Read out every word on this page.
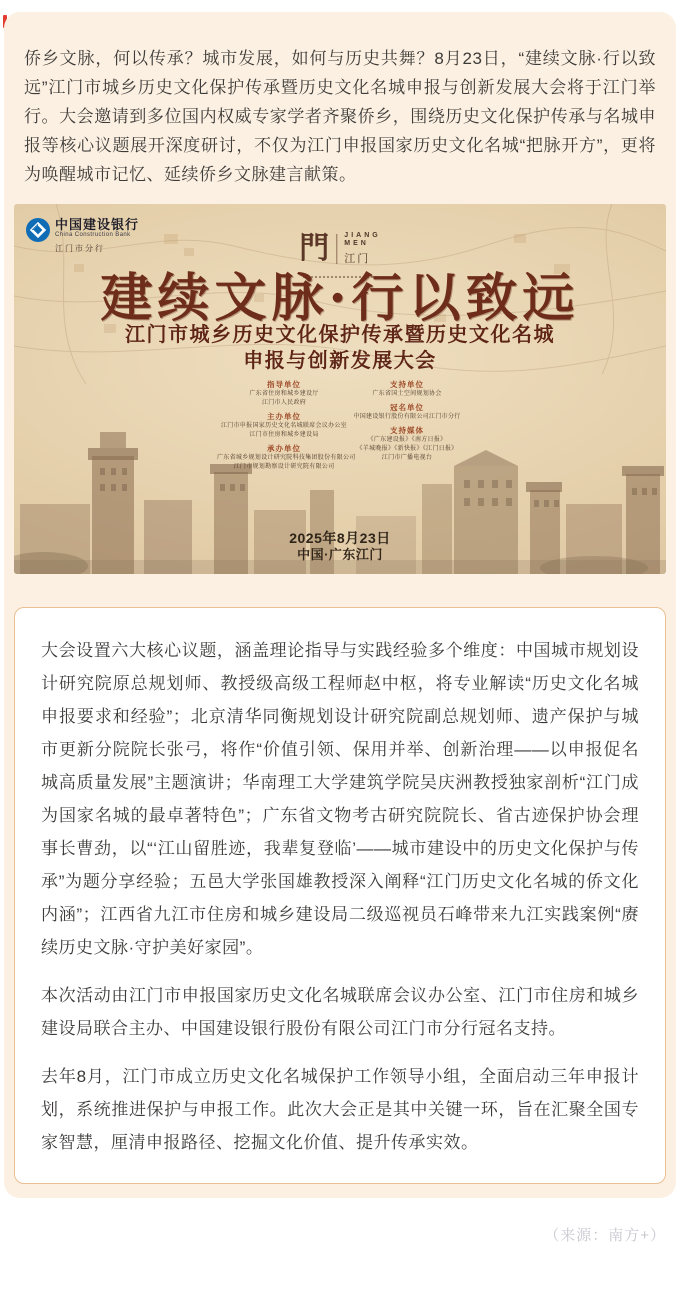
侨乡文脉，何以传承？城市发展，如何与历史共舞？8月23日，“建续文脉·行以致远”江门市城乡历史文化保护传承暨历史文化名城申报与创新发展大会将于江门举行。大会邀请到多位国内权威专家学者齐聚侨乡，围绕历史文化保护传承与名城申报等核心议题展开深度研讨，不仅为江门申报国家历史文化名城“把脉开方”，更将为唤醒城市记忆、延续侨乡文脉建言献策。

中国建设银行
China Construction Bank
江门市分行	門 JIANG
MEN
江门
建续文脉·行以致远
江门市城乡历史文化保护传承暨历史文化名城
申报与创新发展大会
指导单位
广东省住房和城乡建设厅
江门市人民政府
主办单位
江门市申报国家历史文化名城联席会议办公室
江门市住房和城乡建设局
承办单位
广东省城乡规划设计研究院科技集团股份有限公司
江门市规划勘察设计研究院有限公司
支持单位
广东省国土空间规划协会
冠名单位
中国建设银行股份有限公司江门市分行
支持媒体
《广东建设报》《南方日报》
《羊城晚报》《新快报》《江门日报》
江门市广播电视台
2025年8月23日
中国·广东江门

大会设置六大核心议题，涵盖理论指导与实践经验多个维度：中国城市规划设计研究院原总规划师、教授级高级工程师赵中枢，将专业解读“历史文化名城申报要求和经验”；北京清华同衡规划设计研究院副总规划师、遗产保护与城市更新分院院长张弓，将作“价值引领、保用并举、创新治理——以申报促名城高质量发展”主题演讲；华南理工大学建筑学院吴庆洲教授独家剖析“江门成为国家名城的最卓著特色”；广东省文物考古研究院院长、省古迹保护协会理事长曹劲，以“‘江山留胜迹，我辈复登临’——城市建设中的历史文化保护与传承”为题分享经验；五邑大学张国雄教授深入阐释“江门历史文化名城的侨文化内涵”；江西省九江市住房和城乡建设局二级巡视员石峰带来九江实践案例“赓续历史文脉·守护美好家园”。

本次活动由江门市申报国家历史文化名城联席会议办公室、江门市住房和城乡建设局联合主办、中国建设银行股份有限公司江门市分行冠名支持。

去年8月，江门市成立历史文化名城保护工作领导小组，全面启动三年申报计划，系统推进保护与申报工作。此次大会正是其中关键一环，旨在汇聚全国专家智慧，厘清申报路径、挖掘文化价值、提升传承实效。

（来源：南方+）
